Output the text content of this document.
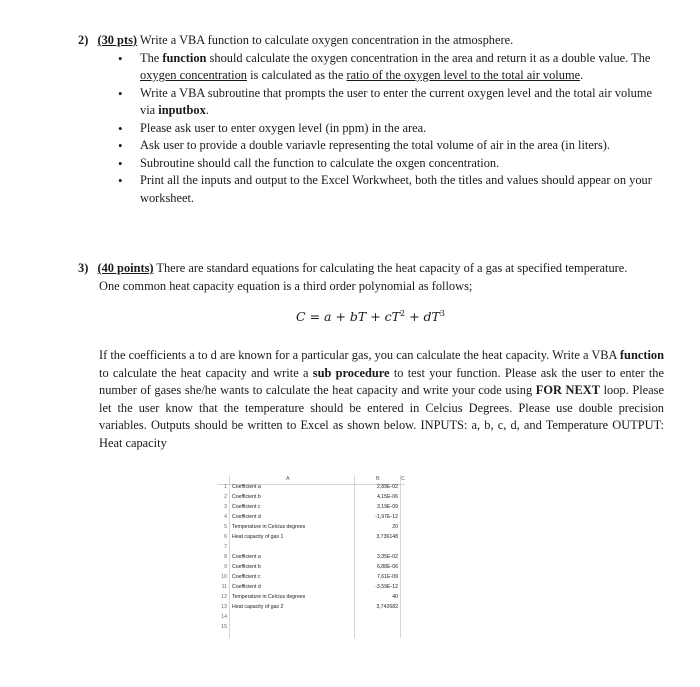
2) (30 pts) Write a VBA function to calculate oxygen concentration in the atmosphere.
• The function should calculate the oxygen concentration in the area and return it as a double value. The oxygen concentration is calculated as the ratio of the oxygen level to the total air volume.
• Write a VBA subroutine that prompts the user to enter the current oxygen level and the total air volume via inputbox.
• Please ask user to enter oxygen level (in ppm) in the area.
• Ask user to provide a double variavle representing the total volume of air in the area (in liters).
• Subroutine should call the function to calculate the oxgen concentration.
• Print all the inputs and output to the Excel Workwheet, both the titles and values should appear on your worksheet.
3) (40 points) There are standard equations for calculating the heat capacity of a gas at specified temperature.
One common heat capacity equation is a third order polynomial as follows;
C = a + bT + $cT^2 + dT^3$
If the coefficients a to d are known for a particular gas, you can calculate the heat capacity. Write a VBA function to calculate the heat capacity and write a sub procedure to test your function. Please ask the user to enter the number of gases she/he wants to calculate the heat capacity and write your code using FOR NEXT loop. Please let the user know that the temperature should be entered in Celcius Degrees. Please use double precision variables. Outputs should be written to Excel as shown below. INPUTS: a, b, c, d, and Temperature OUTPUT: Heat capacity
A	B	C
1 Coefficient a	2,89E-02
2 Coefficient b	4,15E-06
3 Coefficient c	3,19E-09
4 Coefficient d	-1,97E-12
5 Temperature in Celcius degrees	20
6 Heat capacity of gas 1	3,736148
7
8 Coefficient a	3,35E-02
9 Coefficient b	6,88E-06
10 Coefficient c	7,61E-09
11 Coefficient d	-3,59E-12
12 Temperature in Celcius degrees	40
13 Heat capacity of gas 2	3,742682
14
15
